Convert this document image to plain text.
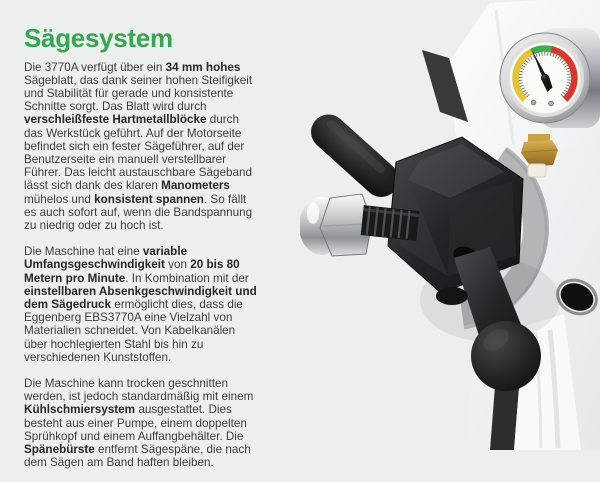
Sägesystem

Die 3770A verfügt über ein 34 mm hohes Sägeblatt, das dank seiner hohen Steifigkeit und Stabilität für gerade und konsistente Schnitte sorgt. Das Blatt wird durch verschleißfeste Hartmetallblöcke durch das Werkstück geführt. Auf der Motorseite befindet sich ein fester Sägeführer, auf der Benutzerseite ein manuell verstellbarer Führer. Das leicht austauschbare Sägeband lässt sich dank des klaren Manometers mühelos und konsistent spannen. So fällt es auch sofort auf, wenn die Bandspannung zu niedrig oder zu hoch ist.

Die Maschine hat eine variable Umfangsgeschwindigkeit von 20 bis 80 Metern pro Minute. In Kombination mit der einstellbaren Absenkgeschwindigkeit und dem Sägedruck ermöglicht dies, dass die Eggenberg EBS3770A eine Vielzahl von Materialien schneidet. Von Kabelkanälen über hochlegierten Stahl bis hin zu verschiedenen Kunststoffen.

Die Maschine kann trocken geschnitten werden, ist jedoch standardmäßig mit einem Kühlschmiersystem ausgestattet. Dies besteht aus einer Pumpe, einem doppelten Sprühkopf und einem Auffangbehälter. Die Spänebürste entfernt Sägespäne, die nach dem Sägen am Band haften bleiben.
